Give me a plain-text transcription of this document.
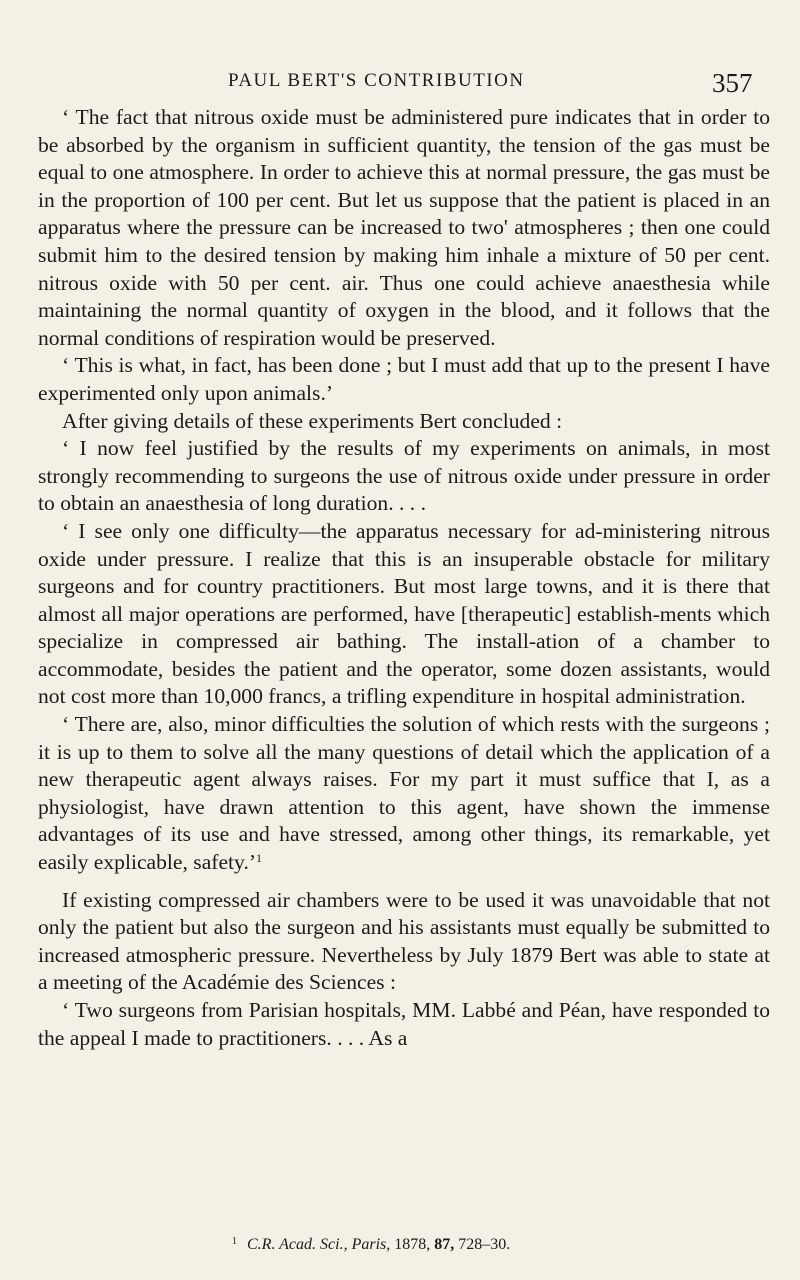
PAUL BERT'S CONTRIBUTION	357

‘ The fact that nitrous oxide must be administered pure indicates that in order to be absorbed by the organism in sufficient quantity, the tension of the gas must be equal to one atmosphere. In order to achieve this at normal pressure, the gas must be in the proportion of 100 per cent. But let us suppose that the patient is placed in an apparatus where the pressure can be increased to two' atmospheres ; then one could submit him to the desired tension by making him inhale a mixture of 50 per cent. nitrous oxide with 50 per cent. air. Thus one could achieve anaesthesia while maintaining the normal quantity of oxygen in the blood, and it follows that the normal conditions of respiration would be preserved.

‘ This is what, in fact, has been done ; but I must add that up to the present I have experimented only upon animals.’

After giving details of these experiments Bert concluded :

‘ I now feel justified by the results of my experiments on animals, in most strongly recommending to surgeons the use of nitrous oxide under pressure in order to obtain an anaesthesia of long duration. . . .

‘ I see only one difficulty—the apparatus necessary for ad-ministering nitrous oxide under pressure. I realize that this is an insuperable obstacle for military surgeons and for country practitioners. But most large towns, and it is there that almost all major operations are performed, have [therapeutic] establish-ments which specialize in compressed air bathing. The install-ation of a chamber to accommodate, besides the patient and the operator, some dozen assistants, would not cost more than 10,000 francs, a trifling expenditure in hospital administration.

‘ There are, also, minor difficulties the solution of which rests with the surgeons ; it is up to them to solve all the many questions of detail which the application of a new therapeutic agent always raises. For my part it must suffice that I, as a physiologist, have drawn attention to this agent, have shown the immense advantages of its use and have stressed, among other things, its remarkable, yet easily explicable, safety.’$^1$

If existing compressed air chambers were to be used it was unavoidable that not only the patient but also the surgeon and his assistants must equally be submitted to increased atmospheric pressure. Nevertheless by July 1879 Bert was able to state at a meeting of the Académie des Sciences :

‘ Two surgeons from Parisian hospitals, MM. Labbé and Péan, have responded to the appeal I made to practitioners. . . . As a

$^1$ C.R. Acad. Sci., Paris, 1878, 87, 728–30.
